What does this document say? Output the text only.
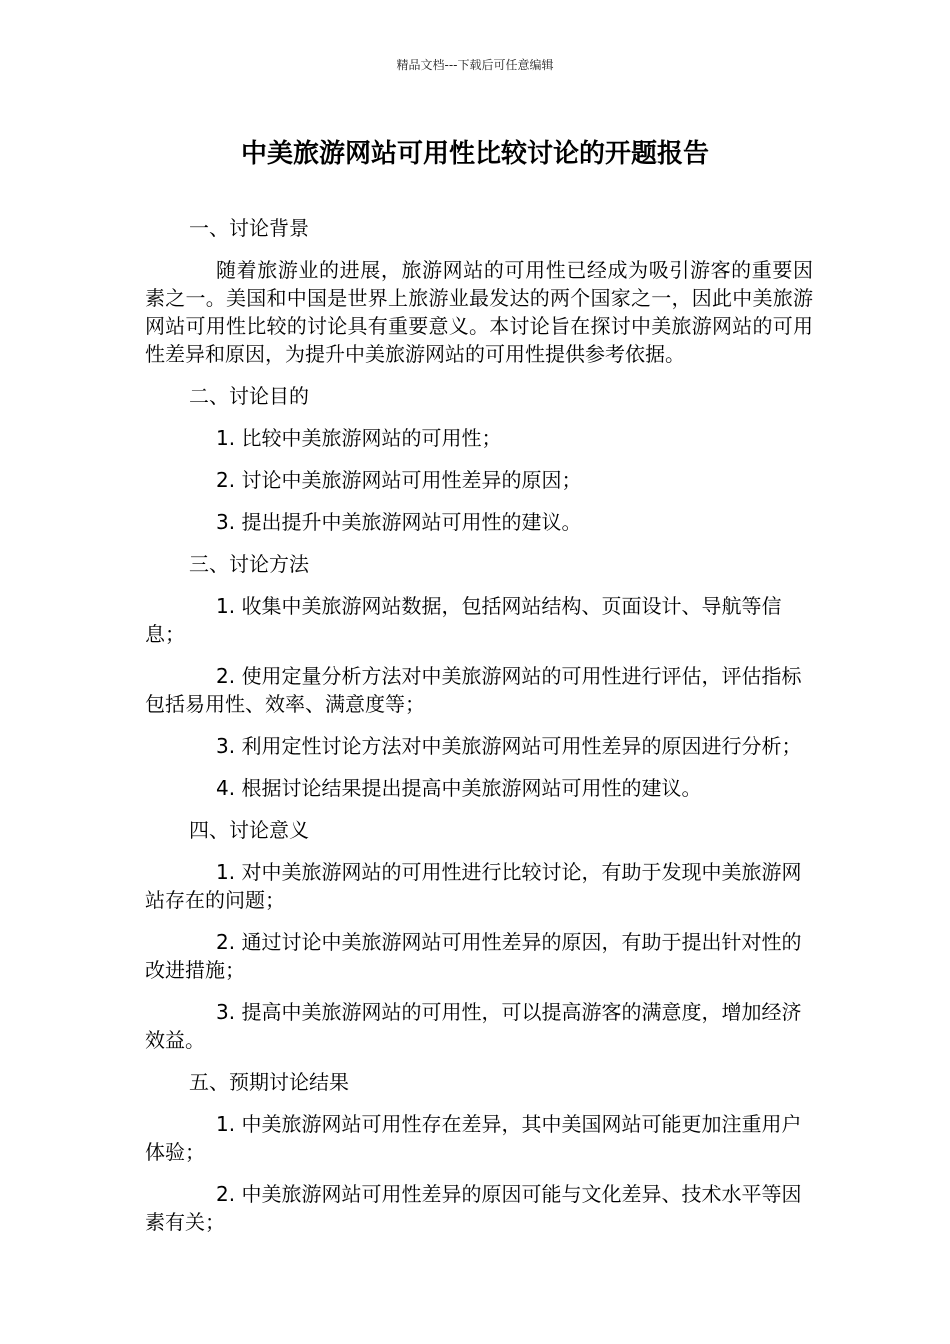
精品文档---下载后可任意编辑
中美旅游网站可用性比较讨论的开题报告

一、讨论背景

随着旅游业的进展，旅游网站的可用性已经成为吸引游客的重要因素之一。美国和中国是世界上旅游业最发达的两个国家之一，因此中美旅游网站可用性比较的讨论具有重要意义。本讨论旨在探讨中美旅游网站的可用性差异和原因，为提升中美旅游网站的可用性提供参考依据。

二、讨论目的

1. 比较中美旅游网站的可用性；

2. 讨论中美旅游网站可用性差异的原因；

3. 提出提升中美旅游网站可用性的建议。

三、讨论方法

1. 收集中美旅游网站数据，包括网站结构、页面设计、导航等信息；

2. 使用定量分析方法对中美旅游网站的可用性进行评估，评估指标包括易用性、效率、满意度等；

3. 利用定性讨论方法对中美旅游网站可用性差异的原因进行分析；

4. 根据讨论结果提出提高中美旅游网站可用性的建议。

四、讨论意义

1. 对中美旅游网站的可用性进行比较讨论，有助于发现中美旅游网站存在的问题；

2. 通过讨论中美旅游网站可用性差异的原因，有助于提出针对性的改进措施；

3. 提高中美旅游网站的可用性，可以提高游客的满意度，增加经济效益。

五、预期讨论结果

1. 中美旅游网站可用性存在差异，其中美国网站可能更加注重用户体验；

2. 中美旅游网站可用性差异的原因可能与文化差异、技术水平等因素有关；
